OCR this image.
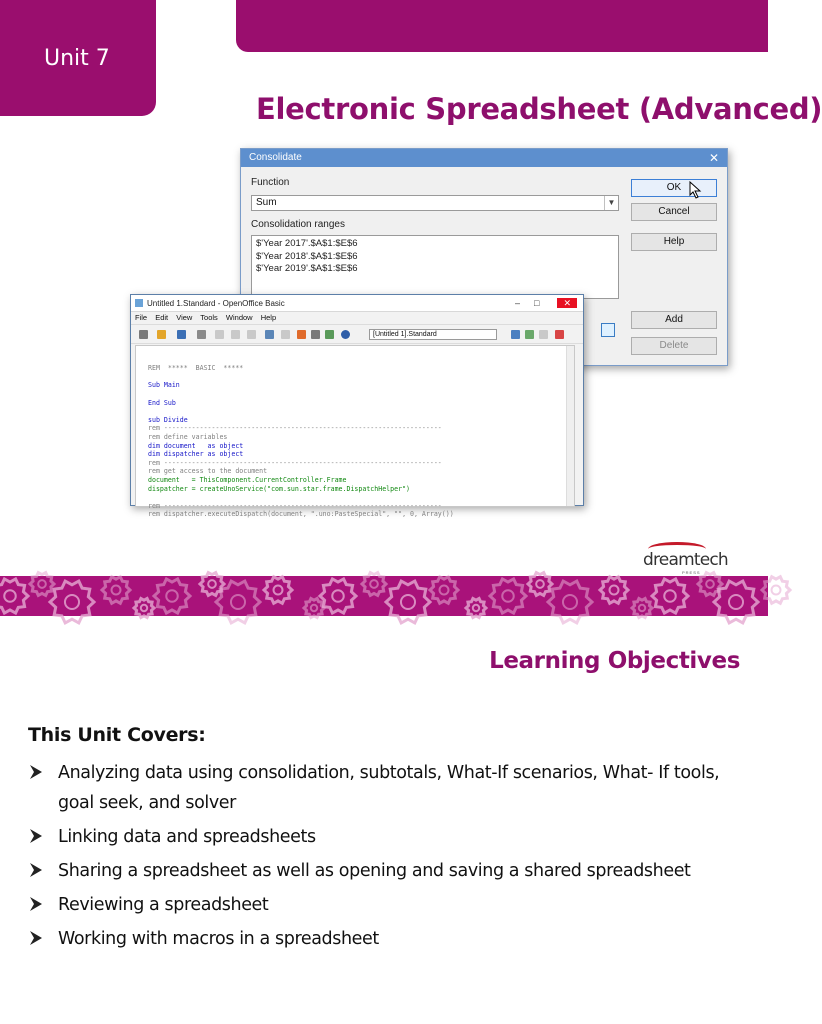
Unit 7
Electronic Spreadsheet (Advanced)
Consolidate	✕
Function
Sum	▼
Consolidation ranges
$'Year 2017'.$A$1:$E$6
$'Year 2018'.$A$1:$E$6
$'Year 2019'.$A$1:$E$6
OK
Cancel
Help
Add
Delete
Untitled 1.Standard - OpenOffice Basic	–□ ✕
File Edit View Tools Window Help
[Untitled 1].Standard

REM  *****  BASIC  *****

Sub Main

End Sub

sub Divide
rem ----------------------------------------------------------------------
rem define variables
dim document   as object
dim dispatcher as object
rem ----------------------------------------------------------------------
rem get access to the document
document   = ThisComponent.CurrentController.Frame
dispatcher = createUnoService("com.sun.star.frame.DispatchHelper")

rem ----------------------------------------------------------------------
rem dispatcher.executeDispatch(document, ".uno:PasteSpecial", "", 0, Array())

dreamtech
PRESS
Learning Objectives
This Unit Covers:
Analyzing data using consolidation, subtotals, What-If scenarios, What- If tools, goal seek, and solver
Linking data and spreadsheets
Sharing a spreadsheet as well as opening and saving a shared spreadsheet
Reviewing a spreadsheet
Working with macros in a spreadsheet
